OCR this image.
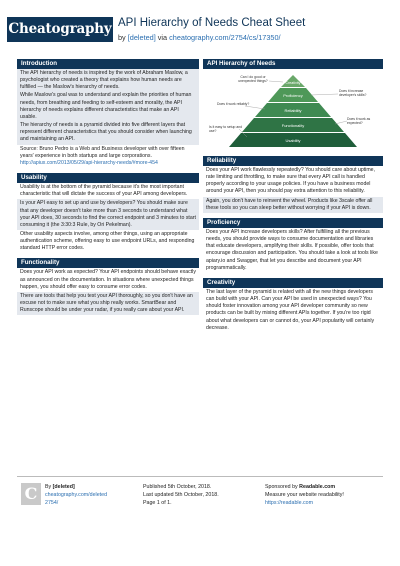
Cheatography API Hierarchy of Needs Cheat Sheet
by [deleted] via cheatography.com/2754/cs/17350/
Introduction

The API hierarchy of needs is inspired by the work of Abraham Maslow, a psychologist who created a theory that explains how human needs are fulfilled — the Maslow's hierarchy of needs.

While Maslow's goal was to understand and explain the priorities of human needs, from breathing and feeding to self-esteem and morality, the API hierarchy of needs explains different characteristics that make an API usable.

The hierarchy of needs is a pyramid divided into five different layers that represent different characteristics that you should consider when launching and maintaining an API.

Source: Bruno Pedro is a Web and Business developer with over fifteen years' experience in both startups and large corporations. http://apiux.com/2013/05/29/api-hierarchy-needs/#more-454

Usability

Usability is at the bottom of the pyramid because it's the most important characteristic that will dictate the success of your API among developers.

Is your API easy to set up and use by developers? You should make sure that any developer doesn't take more than 3 seconds to understand what your API does, 30 seconds to find the correct endpoint and 3 minutes to start consuming it (the 3:30:3 Rule, by Ori Pekelman).

Other usability aspects involve, among other things, using an appropriate authentication scheme, offering easy to use endpoint URLs, and responding standard HTTP error codes.

Functionality

Does your API work as expected? Your API endpoints should behave exactly as announced on the documentation. In situations where unexpected things happen, you should offer easy to consume error codes.

There are tools that help you test your API thoroughly, so you don't have an excuse not to make sure what you ship really works. SmartBear and Runscope should be under your radar, if you really care about your API.

API Hierarchy of Needs
Creativity
Proficiency
Reliability
Functionality
Usability
Can I do good or unexpected things?
Does it increase developer's skills?
Does it work reliably?
Does it work as expected?
Is it easy to setup and use?
Reliability

Does your API work flawlessly repeatedly? You should care about uptime, rate limiting and throttling, to make sure that every API call is handled properly according to your usage policies. If you have a business model around your API, then you should pay extra attention to this reliability.

Again, you don't have to reinvent the wheel. Products like 3scale offer all these tools so you can sleep better without worrying if your API is down.

Proficiency

Does your API increase developers skills? After fulfilling all the previous needs, you should provide ways to consume documentation and libraries that educate developers, amplifying their skills. If possible, offer tools that encourage discussion and participation. You should take a look at tools like apiary.io and Swagger, that let you describe and document your API programmatically.

Creativity

The last layer of the pyramid is related with all the new things developers can build with your API. Can your API be used in unexpected ways? You should foster innovation among your API developer community so new products can be built by mixing different APIs together. If you're too rigid about what developers can or cannot do, your API popularity will certainly decrease.

C	By [deleted]
cheatography.com/deleted
2754/
Published 5th October, 2018.
Last updated 5th October, 2018.
Page 1 of 1.
Sponsored by Readable.com
Measure your website readability!
https://readable.com
